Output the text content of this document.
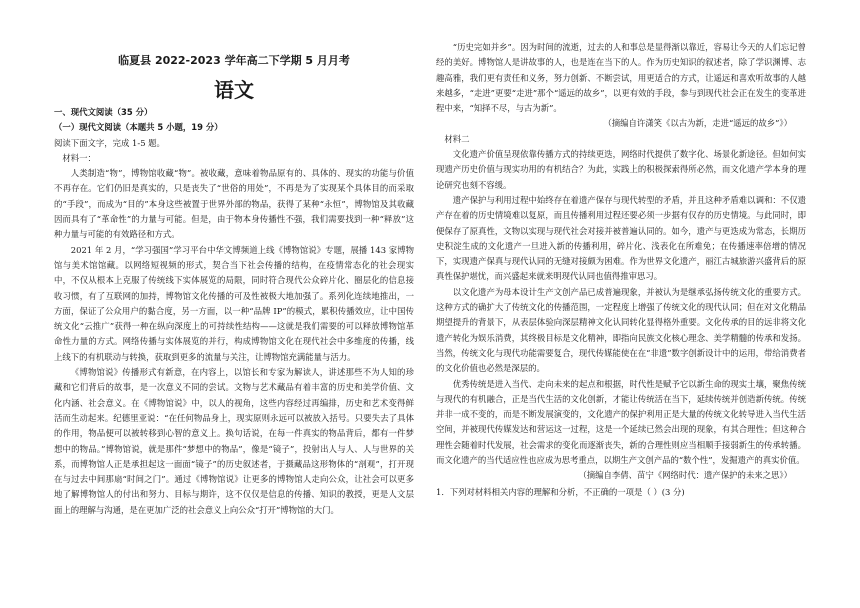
临夏县 2022-2023 学年高二下学期 5 月月考
语文
一、现代文阅读（35 分）
（一）现代文阅读（本题共 5 小题，19 分）

阅读下面文字，完成 1-5 题。

材料一：

人类制造“物”，博物馆收藏“物”。被收藏，意味着物品原有的、具体的、现实的功能与价值不再存在。它们仍旧是真实的，只是丧失了“世俗的用处”，不再是为了实现某个具体目的而采取的“手段”，而成为“目的”本身这些被置于世界外部的物品，获得了某种“永恒”，博物馆及其收藏因而具有了“革命性”的力量与可能。但是，由于物本身传播性不强，我们需要找到一种“释放”这种力量与可能的有效路径和方式。

2021 年 2 月，“学习强国”学习平台中华文博频道上线《博物馆说》专题，展播 143 家博物馆与美术馆馆藏。以网络短视频的形式，契合当下社会传播的结构，在疫情常态化的社会现实中，不仅从根本上克服了传统线下实体展览的局限，同时符合现代公众碎片化、圈层化的信息接收习惯，有了互联网的加持，博物馆文化传播的可及性被极大地加强了。系列化连续地推出，一方面，保证了公众用户的黏合度，另一方面，以一种“品牌 IP”的模式，累积传播效应，让中国传统文化“云推广”获得一种在纵向深度上的可持续性结构——这就是我们需要的可以释放博物馆革命性力量的方式。网络传播与实体展览的并行，构成博物馆文化在现代社会中多维度的传播，线上线下的有机联动与转换，获取到更多的流量与关注，让博物馆充满能量与活力。

《博物馆说》传播形式有新意，在内容上，以馆长和专家为解读人，讲述那些不为人知的珍藏和它们背后的故事，是一次意义不同的尝试。文物与艺术藏品有着丰富的历史和美学价值、文化内涵、社会意义。在《博物馆说》中，以人的视角，这些内容经过再编排，历史和艺术变得鲜活而生动起来。纪德里亚说：“在任何物品身上，现实原则永远可以被放入括号。只要失去了具体的作用，物品便可以被转移到心智的意义上。换句话说，在每一件真实的物品背后，都有一件梦想中的物品。”博物馆说，就是那件“梦想中的物品”，像是“镜子”，投射出人与人、人与世界的关系，而博物馆人正是承担起这一面面“镜子”的历史叙述者，于摄藏品这形物体的“剖观”，打开现在与过去中间那扇“时间之门”。通过《博物馆说》让更多的博物馆人走向公众，让社会可以更多地了解博物馆人的付出和努力、目标与期许，这不仅仅是信息的传播、知识的教授，更是人文层面上的理解与沟通，是在更加广泛的社会意义上向公众“打开”博物馆的大门。

“历史完如并乡”。因为时间的流逝，过去的人和事总是显得渐以靠近，容易让今天的人们忘记曾经的美好。博物馆人是讲故事的人，也是连在当下的人。作为历史知识的叙述者，除了学识渊博、志趣高雅，我们更有责任和义务，努力创新、不断尝试，用更适合的方式，让遥远和喜欢听故事的人越来越多，“走进”更要“走进”那个“遥远的故乡”，以更有效的手段，参与到现代社会正在发生的变革进程中来，“知择不尽，与古为新”。

（摘编自许潇笑《以古为新，走进“遥远的故乡”》）

材料二

文化遗产价值呈现依靠传播方式的持续更迭，网络时代提供了数字化、场景化新途径。但如何实现遗产历史价值与现实功用的有机结合？为此，实践上的积极探索得所必然，而文化遗产学本身的理论研究也刻不容缓。

遗产保护与利用过程中始终存在着遗产保存与现代转型的矛盾，并且这种矛盾难以调和：不仅遗产存在着的历史情境难以复原，而且传播利用过程还要必须一步据有仅存的历史情境。与此同时，即便保存了原真性，文物以实现与现代社会对接并被普遍认同的。如今，遗产与更迭成为常态，长期历史积淀生成的文化遗产一旦进入新的传播利用，碎片化、浅表化在所难免；在传播速率倍增的情况下，实现遗产保真与现代认同的无缝对接颇为困难。作为世界文化遗产，丽江古城旅游兴盛背后的原真性保护堪忧，而兴盛起来就来明现代认同也值得推审思习。

以文化遗产为母本设计生产文创产品已成普遍现象，并被认为是继承弘扬传统文化的重要方式。这种方式的确扩大了传统文化的传播范围，一定程度上增强了传统文化的现代认同；但在对文化精品期望提升的背景下，从表层体验向深层精神文化认同转化显得格外重要。文化传承的目的远非将文化遗产转化为娱乐消费，其终极目标是文化精神，即指向民族文化核心理念、美学精髓的传承和发扬。当然，传统文化与现代功能需要复合，现代传媒能使在在“非遗”数字创新设计中的运用，带给消费者的文化价值也必然是深层的。

优秀传统是进入当代、走向未来的起点和根据，时代性是赋予它以新生命的现实土壤，聚焦传统与现代的有机融合，正是当代生活的文化创新，才能让传统活在当下，延续传统并创造新传统。传统并非一成不变的，而是不断发展演变的，文化遗产的保护利用正是大量的传统文化转导进入当代生活空间，并被现代传媒发达和营运这一过程，这是一个延续已然会出现的现象，有其合理性；但这种合理性会随着时代发展，社会需求的变化而逐渐丧失，新的合理性则应当相顺手接弱新生的传承转播。而文化遗产的当代适应性也应成为思考重点，以期生产文创产品的“数个性”，发掘遗产的真实价值。

（摘编自李倩、苗宁《网络时代：遗产保护的未来之思》）

1．下列对材料相关内容的理解和分析，不正确的一项是（ ）(3 分)
